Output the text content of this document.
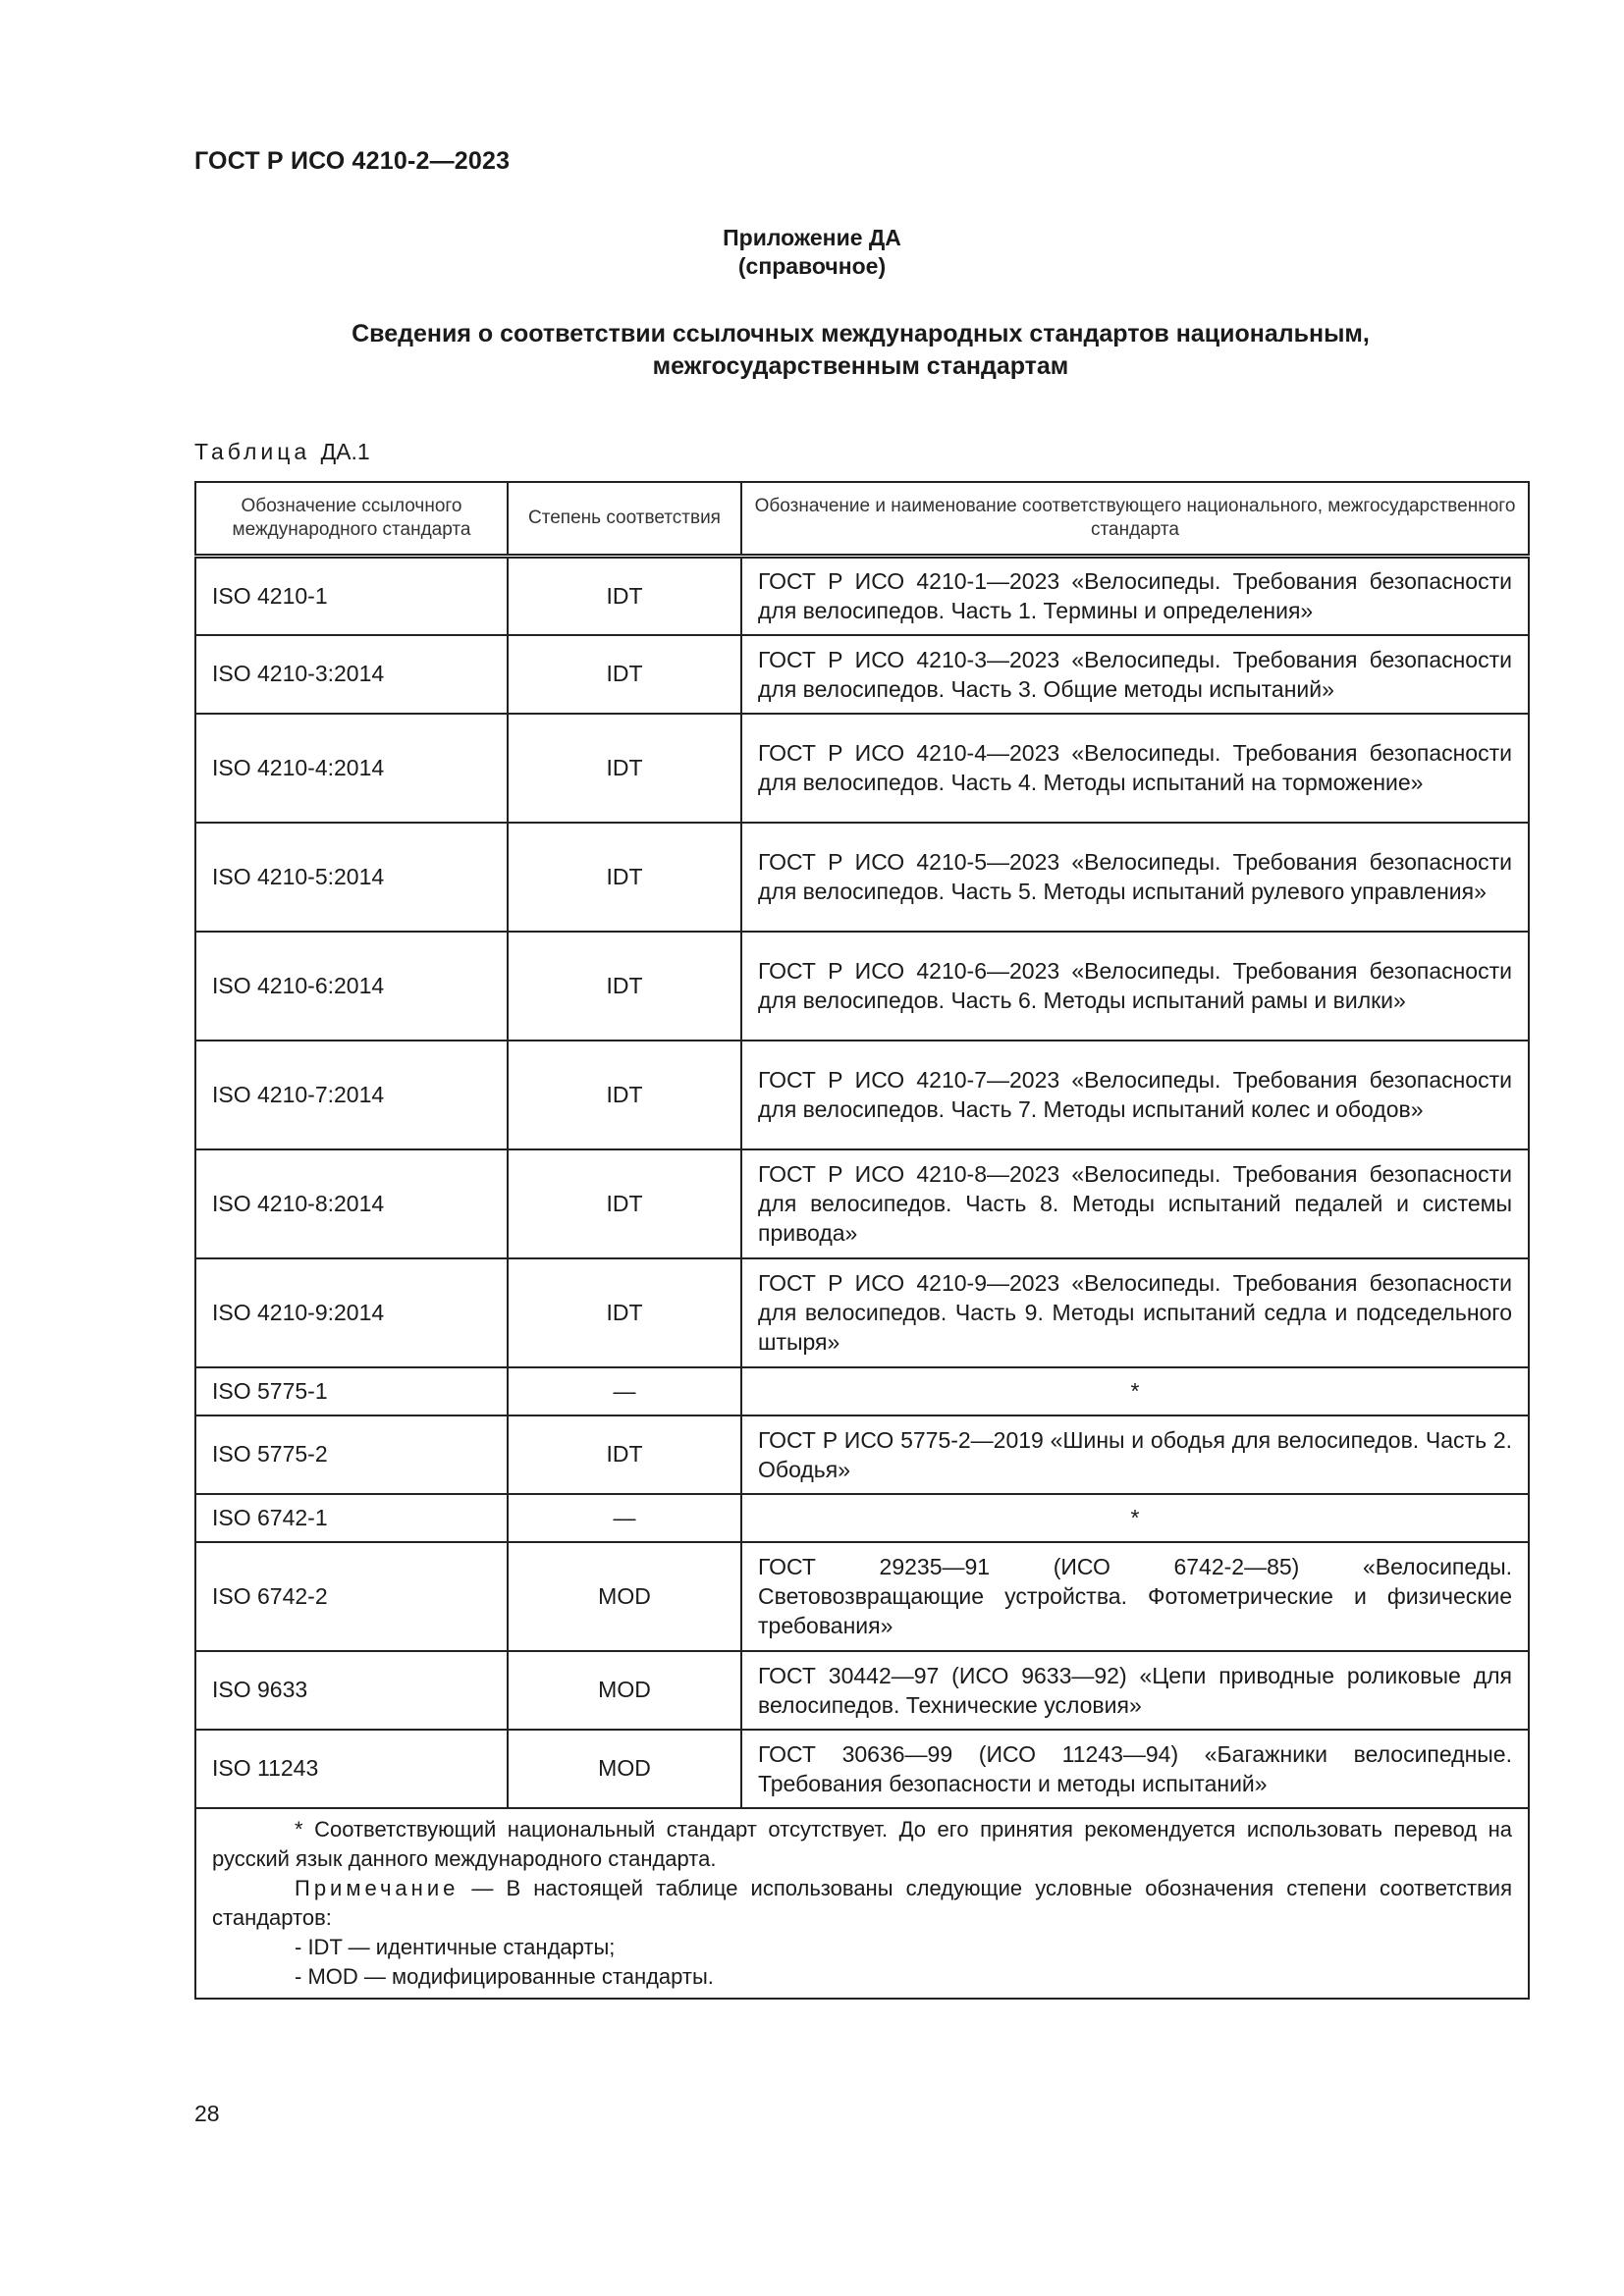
ГОСТ Р ИСО 4210-2—2023
Приложение ДА
(справочное)
Сведения о соответствии ссылочных международных стандартов национальным,
межгосударственным стандартам
Таблица ДА.1
Обозначение ссылочного международного стандарта	Степень соответствия	Обозначение и наименование соответствующего национального, межгосударственного стандарта
ISO 4210-1	IDT	ГОСТ Р ИСО 4210-1—2023 «Велосипеды. Требования безопасности для велосипедов. Часть 1. Термины и определения»
ISO 4210-3:2014	IDT	ГОСТ Р ИСО 4210-3—2023 «Велосипеды. Требования безопасности для велосипедов. Часть 3. Общие методы испытаний»
ISO 4210-4:2014	IDT	ГОСТ Р ИСО 4210-4—2023 «Велосипеды. Требования безопасности для велосипедов. Часть 4. Методы испытаний на торможение»
ISO 4210-5:2014	IDT	ГОСТ Р ИСО 4210-5—2023 «Велосипеды. Требования безопасности для велосипедов. Часть 5. Методы испытаний рулевого управления»
ISO 4210-6:2014	IDT	ГОСТ Р ИСО 4210-6—2023 «Велосипеды. Требования безопасности для велосипедов. Часть 6. Методы испытаний рамы и вилки»
ISO 4210-7:2014	IDT	ГОСТ Р ИСО 4210-7—2023 «Велосипеды. Требования безопасности для велосипедов. Часть 7. Методы испытаний колес и ободов»
ISO 4210-8:2014	IDT	ГОСТ Р ИСО 4210-8—2023 «Велосипеды. Требования безопасности для велосипедов. Часть 8. Методы испытаний педалей и системы привода»
ISO 4210-9:2014	IDT	ГОСТ Р ИСО 4210-9—2023 «Велосипеды. Требования безопасности для велосипедов. Часть 9. Методы испытаний седла и подседельного штыря»
ISO 5775-1	—	*
ISO 5775-2	IDT	ГОСТ Р ИСО 5775-2—2019 «Шины и ободья для велосипедов. Часть 2. Ободья»
ISO 6742-1	—	*
ISO 6742-2	MOD	ГОСТ 29235—91 (ИСО 6742-2—85) «Велосипеды. Световозвращающие устройства. Фотометрические и физические требования»
ISO 9633	MOD	ГОСТ 30442—97 (ИСО 9633—92) «Цепи приводные роликовые для велосипедов. Технические условия»
ISO 11243	MOD	ГОСТ 30636—99 (ИСО 11243—94) «Багажники велосипедные. Требования безопасности и методы испытаний»

* Соответствующий национальный стандарт отсутствует. До его принятия рекомендуется использовать перевод на русский язык данного международного стандарта.
Примечание — В настоящей таблице использованы следующие условные обозначения степени соответствия стандартов:
- IDT — идентичные стандарты;
- MOD — модифицированные стандарты.		
28
